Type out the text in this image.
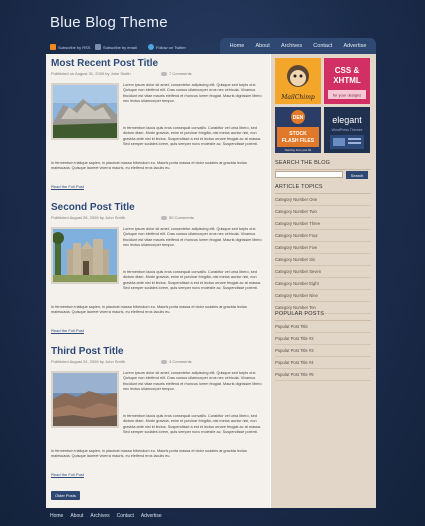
Blue Blog Theme
Subscribe by RSS	Subscribe by email	Follow on Twitter	Home About Archives Contact Advertise
Most Recent Post Title
Published on August 31, 2009 by John Smith	7 Comments

Lorem ipsum dolor sit amet, consectetur adipiscing elit. Quisque sed turpis orci. Quisque non eleifend elit. Cras cursus ullamcorper eros nec vehicula. Vivamus tincidunt est vitae mauris eleifend et rhoncus lorem feugiat. Mauris dignissim libero nec lectus ullamcorper tempor.

In fermentum lacus quis eros consequat convallis. Curabitur vel urna libero, sed dictum diam. Morbi gravida, enim et pulvinar fringilla, nisl metus auctor nisi, non gravida ante nisl id lectus. Suspendisse a est et lectus ornare feugiat ac at massa. Sed semper sodales lorem, quis semper nunc molestie ac. Suspendisse potenti.

In fermentum tristique sapien, in placerat massa bibendum eu. Mauris porta massa et dolor sodales at gravida lectus malesuada. Quisque laoreet viverra mauris, eu eleifend eros iaculis eu.

Read the Full Post
Second Post Title
Published August 26, 2009 by John Smith	50 Comments

Lorem ipsum dolor sit amet, consectetur adipiscing elit. Quisque sed turpis orci. Quisque non eleifend elit. Cras cursus ullamcorper eros nec vehicula. Vivamus tincidunt est vitae mauris eleifend et rhoncus lorem feugiat. Mauris dignissim libero nec lectus ullamcorper tempor.

In fermentum lacus quis eros consequat convallis. Curabitur vel urna libero, sed dictum diam. Morbi gravida, enim et pulvinar fringilla, nisl metus auctor nisi, non gravida ante nisl id lectus. Suspendisse a est et lectus ornare feugiat ac at massa. Sed semper sodales lorem, quis semper nunc molestie ac. Suspendisse potenti.

In fermentum tristique sapien, in placerat massa bibendum eu. Mauris porta massa et dolor sodales at gravida lectus malesuada. Quisque laoreet viverra mauris, eu eleifend eros iaculis eu.

Read the Full Post
Third Post Title
Published August 24, 2009 by John Smith	4 Comments

Lorem ipsum dolor sit amet, consectetur adipiscing elit. Quisque sed turpis orci. Quisque non eleifend elit. Cras cursus ullamcorper eros nec vehicula. Vivamus tincidunt est vitae mauris eleifend et rhoncus lorem feugiat. Mauris dignissim libero nec lectus ullamcorper tempor.

In fermentum lacus quis eros consequat convallis. Curabitur vel urna libero, sed dictum diam. Morbi gravida, enim et pulvinar fringilla, nisl metus auctor nisi, non gravida ante nisl id lectus. Suspendisse a est et lectus ornare feugiat ac at massa. Sed semper sodales lorem, quis semper nunc molestie ac. Suspendisse potenti.

In fermentum tristique sapien, in placerat massa bibendum eu. Mauris porta massa et dolor sodales at gravida lectus malesuada. Quisque laoreet viverra mauris, eu eleifend eros iaculis eu.

Read the Full Post
Older Posts
MailChimp
CSS &
XHTML
for your designs
DEN
STOCK
FLASH FILES
Starting from just $1
elegant
WordPress Themes
SEARCH THE BLOG
Search
ARTICLE TOPICS
Category Number One
Category Number Two
Category Number Three
Category Number Four
Category Number Five
Category Number Six
Category Number Seven
Category Number Eight
Category Number Nine
Category Number Ten
POPULAR POSTS
Popular Post Title
Popular Post Title #2
Popular Post Title #3
Popular Post Title #4
Popular Post Title #5
Home About Archives Contact Advertise
